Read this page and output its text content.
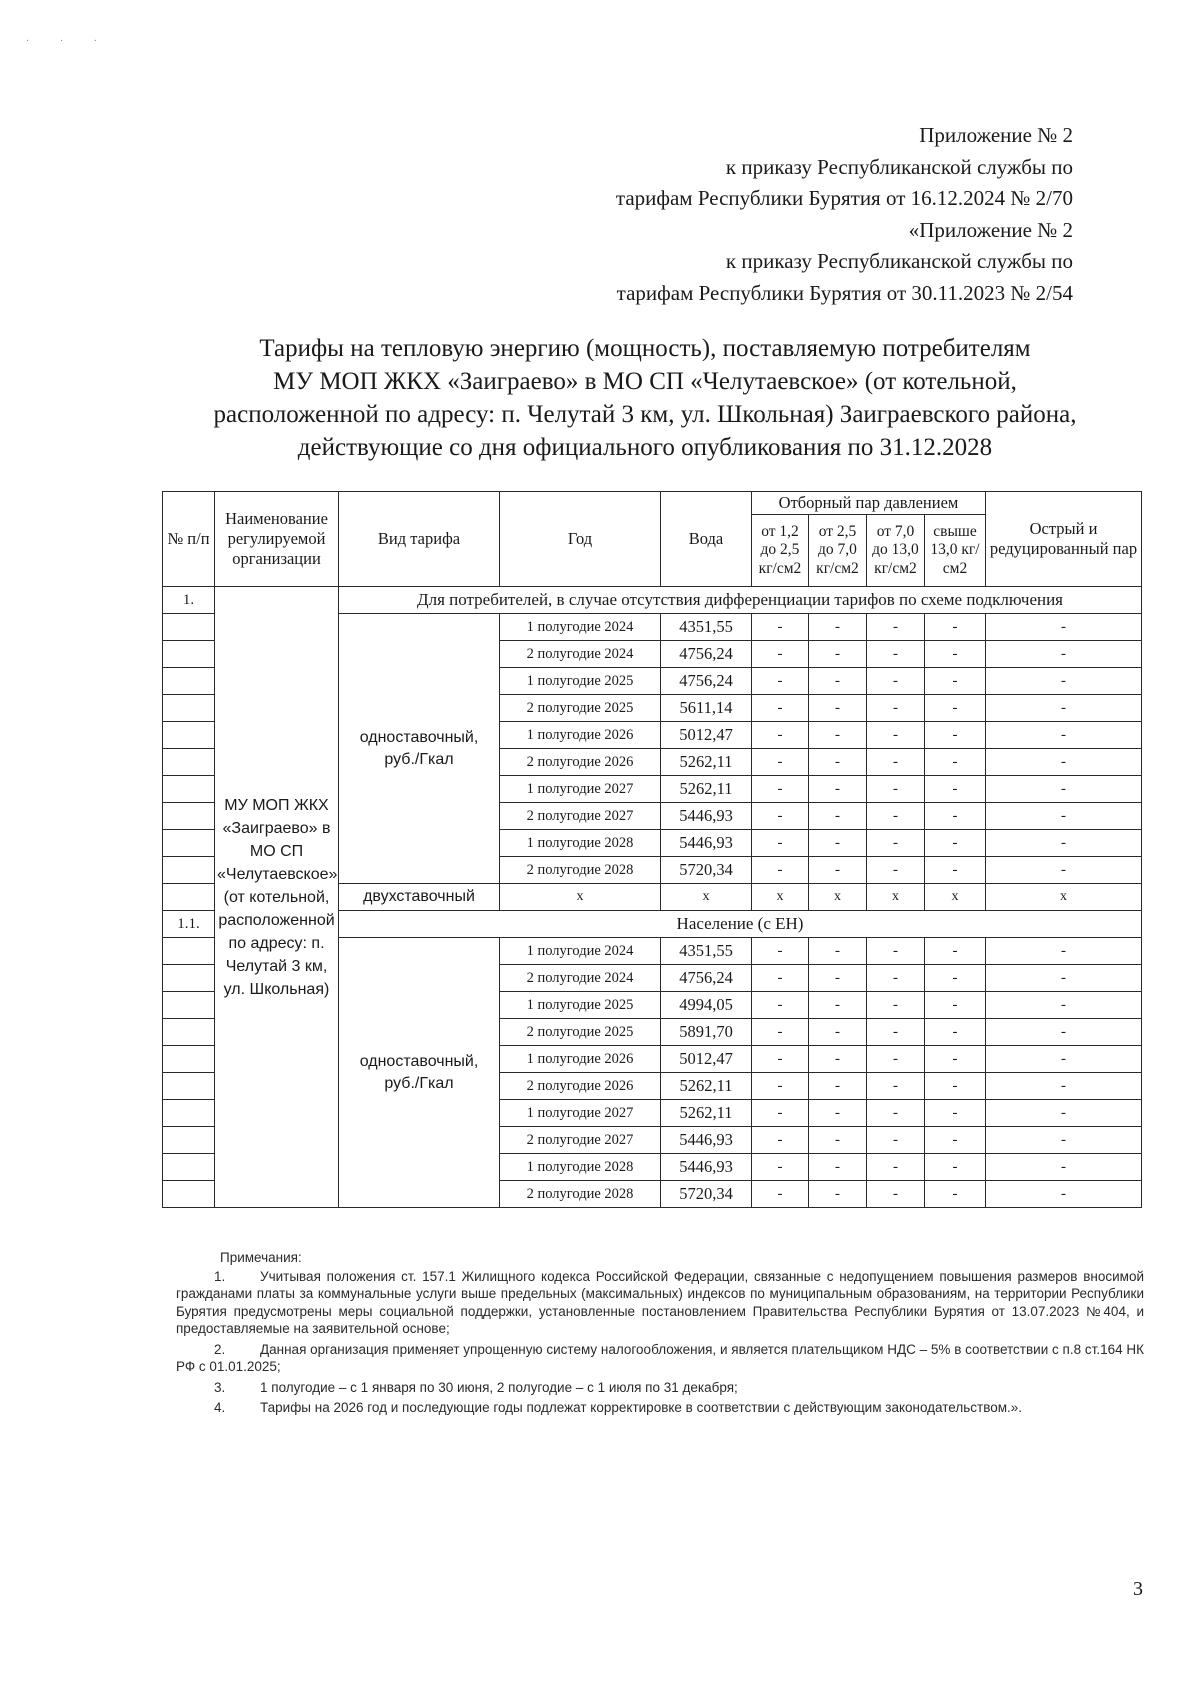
· · ·
Приложение № 2
к приказу Республиканской службы по
тарифам Республики Бурятия от 16.12.2024 № 2/70
«Приложение № 2
к приказу Республиканской службы по
тарифам Республики Бурятия от 30.11.2023 № 2/54
Тарифы на тепловую энергию (мощность), поставляемую потребителям
МУ МОП ЖКХ «Заиграево» в МО СП «Челутаевское» (от котельной,
расположенной по адресу: п. Челутай 3 км, ул. Школьная) Заиграевского района,
действующие со дня официального опубликования по 31.12.2028
№ п/п	Наименование регулируемой организации	Вид тарифа	Год	Вода	Отборный пар давлением				Острый и редуцированный пар
					от 1,2 до 2,5 кг/см2	от 2,5 до 7,0 кг/см2	от 7,0 до 13,0 кг/см2	свыше 13,0 кг/см2	
1.	МУ МОП ЖКХ «Заиграево» в МО СП «Челутаевское» (от котельной, расположенной по адресу: п. Челутай 3 км, ул. Школьная)	Для потребителей, в случае отсутствия дифференциации тарифов по схеме подключения							
		одноставочный, руб./Гкал	1 полугодие 2024	4351,55	-	-	-	-	-
			2 полугодие 2024	4756,24	-	-	-	-	-
			1 полугодие 2025	4756,24	-	-	-	-	-
			2 полугодие 2025	5611,14	-	-	-	-	-
			1 полугодие 2026	5012,47	-	-	-	-	-
			2 полугодие 2026	5262,11	-	-	-	-	-
			1 полугодие 2027	5262,11	-	-	-	-	-
			2 полугодие 2027	5446,93	-	-	-	-	-
			1 полугодие 2028	5446,93	-	-	-	-	-
			2 полугодие 2028	5720,34	-	-	-	-	-
		двухставочный	х	х	х	х	х	х	х
1.1.		Население (с ЕН)							
		одноставочный, руб./Гкал	1 полугодие 2024	4351,55	-	-	-	-	-
			2 полугодие 2024	4756,24	-	-	-	-	-
			1 полугодие 2025	4994,05	-	-	-	-	-
			2 полугодие 2025	5891,70	-	-	-	-	-
			1 полугодие 2026	5012,47	-	-	-	-	-
			2 полугодие 2026	5262,11	-	-	-	-	-
			1 полугодие 2027	5262,11	-	-	-	-	-
			2 полугодие 2027	5446,93	-	-	-	-	-
			1 полугодие 2028	5446,93	-	-	-	-	-
			2 полугодие 2028	5720,34	-	-	-	-	-
Примечания:
1.	Учитывая положения ст. 157.1 Жилищного кодекса Российской Федерации, связанные с недопущением повышения размеров вносимой гражданами платы за коммунальные услуги выше предельных (максимальных) индексов по муниципальным образованиям, на территории Республики Бурятия предусмотрены меры социальной поддержки, установленные постановлением Правительства Республики Бурятия от 13.07.2023 №404, и предоставляемые на заявительной основе;
2.	Данная организация применяет упрощенную систему налогообложения, и является плательщиком НДС – 5% в соответствии с п.8 ст.164 НК РФ с 01.01.2025;
3.	1 полугодие – с 1 января по 30 июня, 2 полугодие – с 1 июля по 31 декабря;
4.	Тарифы на 2026 год и последующие годы подлежат корректировке в соответствии с действующим законодательством.».
3
